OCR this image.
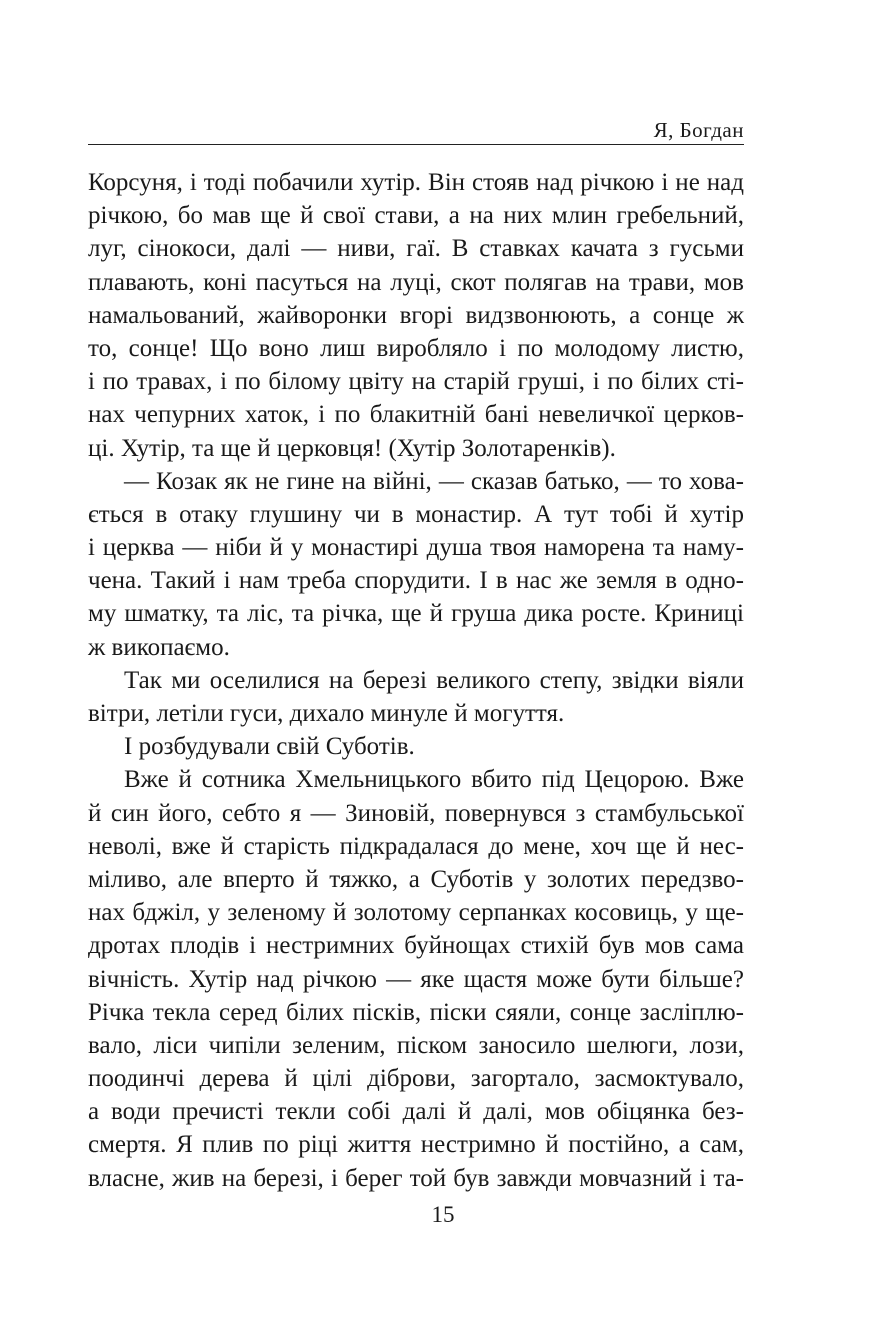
Я, Богдан
Корсуня, і тоді побачили хутір. Він стояв над річкою і не над
річкою, бо мав ще й свої стави, а на них млин гребельний,
луг, сінокоси, далі — ниви, гаї. В ставках качата з гусьми
плавають, коні пасуться на луці, скот полягав на трави, мов
намальований, жайворонки вгорі видзвонюють, а сонце ж
то, сонце! Що воно лиш виробляло і по молодому листю,
і по травах, і по білому цвіту на старій груші, і по білих сті-
нах чепурних хаток, і по блакитній бані невеличкої церков-
ці. Хутір, та ще й церковця! (Хутір Золотаренків).
— Козак як не гине на війні, — сказав батько, — то хова-
ється в отаку глушину чи в монастир. А тут тобі й хутір
і церква — ніби й у монастирі душа твоя наморена та наму-
чена. Такий і нам треба спорудити. І в нас же земля в одно-
му шматку, та ліс, та річка, ще й груша дика росте. Криниці
ж викопаємо.
Так ми оселилися на березі великого степу, звідки віяли
вітри, летіли гуси, дихало минуле й могуття.
І розбудували свій Суботів.
Вже й сотника Хмельницького вбито під Цецорою. Вже
й син його, себто я — Зиновій, повернувся з стамбульської
неволі, вже й старість підкрадалася до мене, хоч ще й нес-
міливо, але вперто й тяжко, а Суботів у золотих передзво-
нах бджіл, у зеленому й золотому серпанках косовиць, у ще-
дротах плодів і нестримних буйнощах стихій був мов сама
вічність. Хутір над річкою — яке щастя може бути більше?
Річка текла серед білих пісків, піски сяяли, сонце засліплю-
вало, ліси чипіли зеленим, піском заносило шелюги, лози,
поодинчі дерева й цілі діброви, загортало, засмоктувало,
а води пречисті текли собі далі й далі, мов обіцянка без-
смертя. Я плив по ріці життя нестримно й постійно, а сам,
власне, жив на березі, і берег той був завжди мовчазний і та-
15
